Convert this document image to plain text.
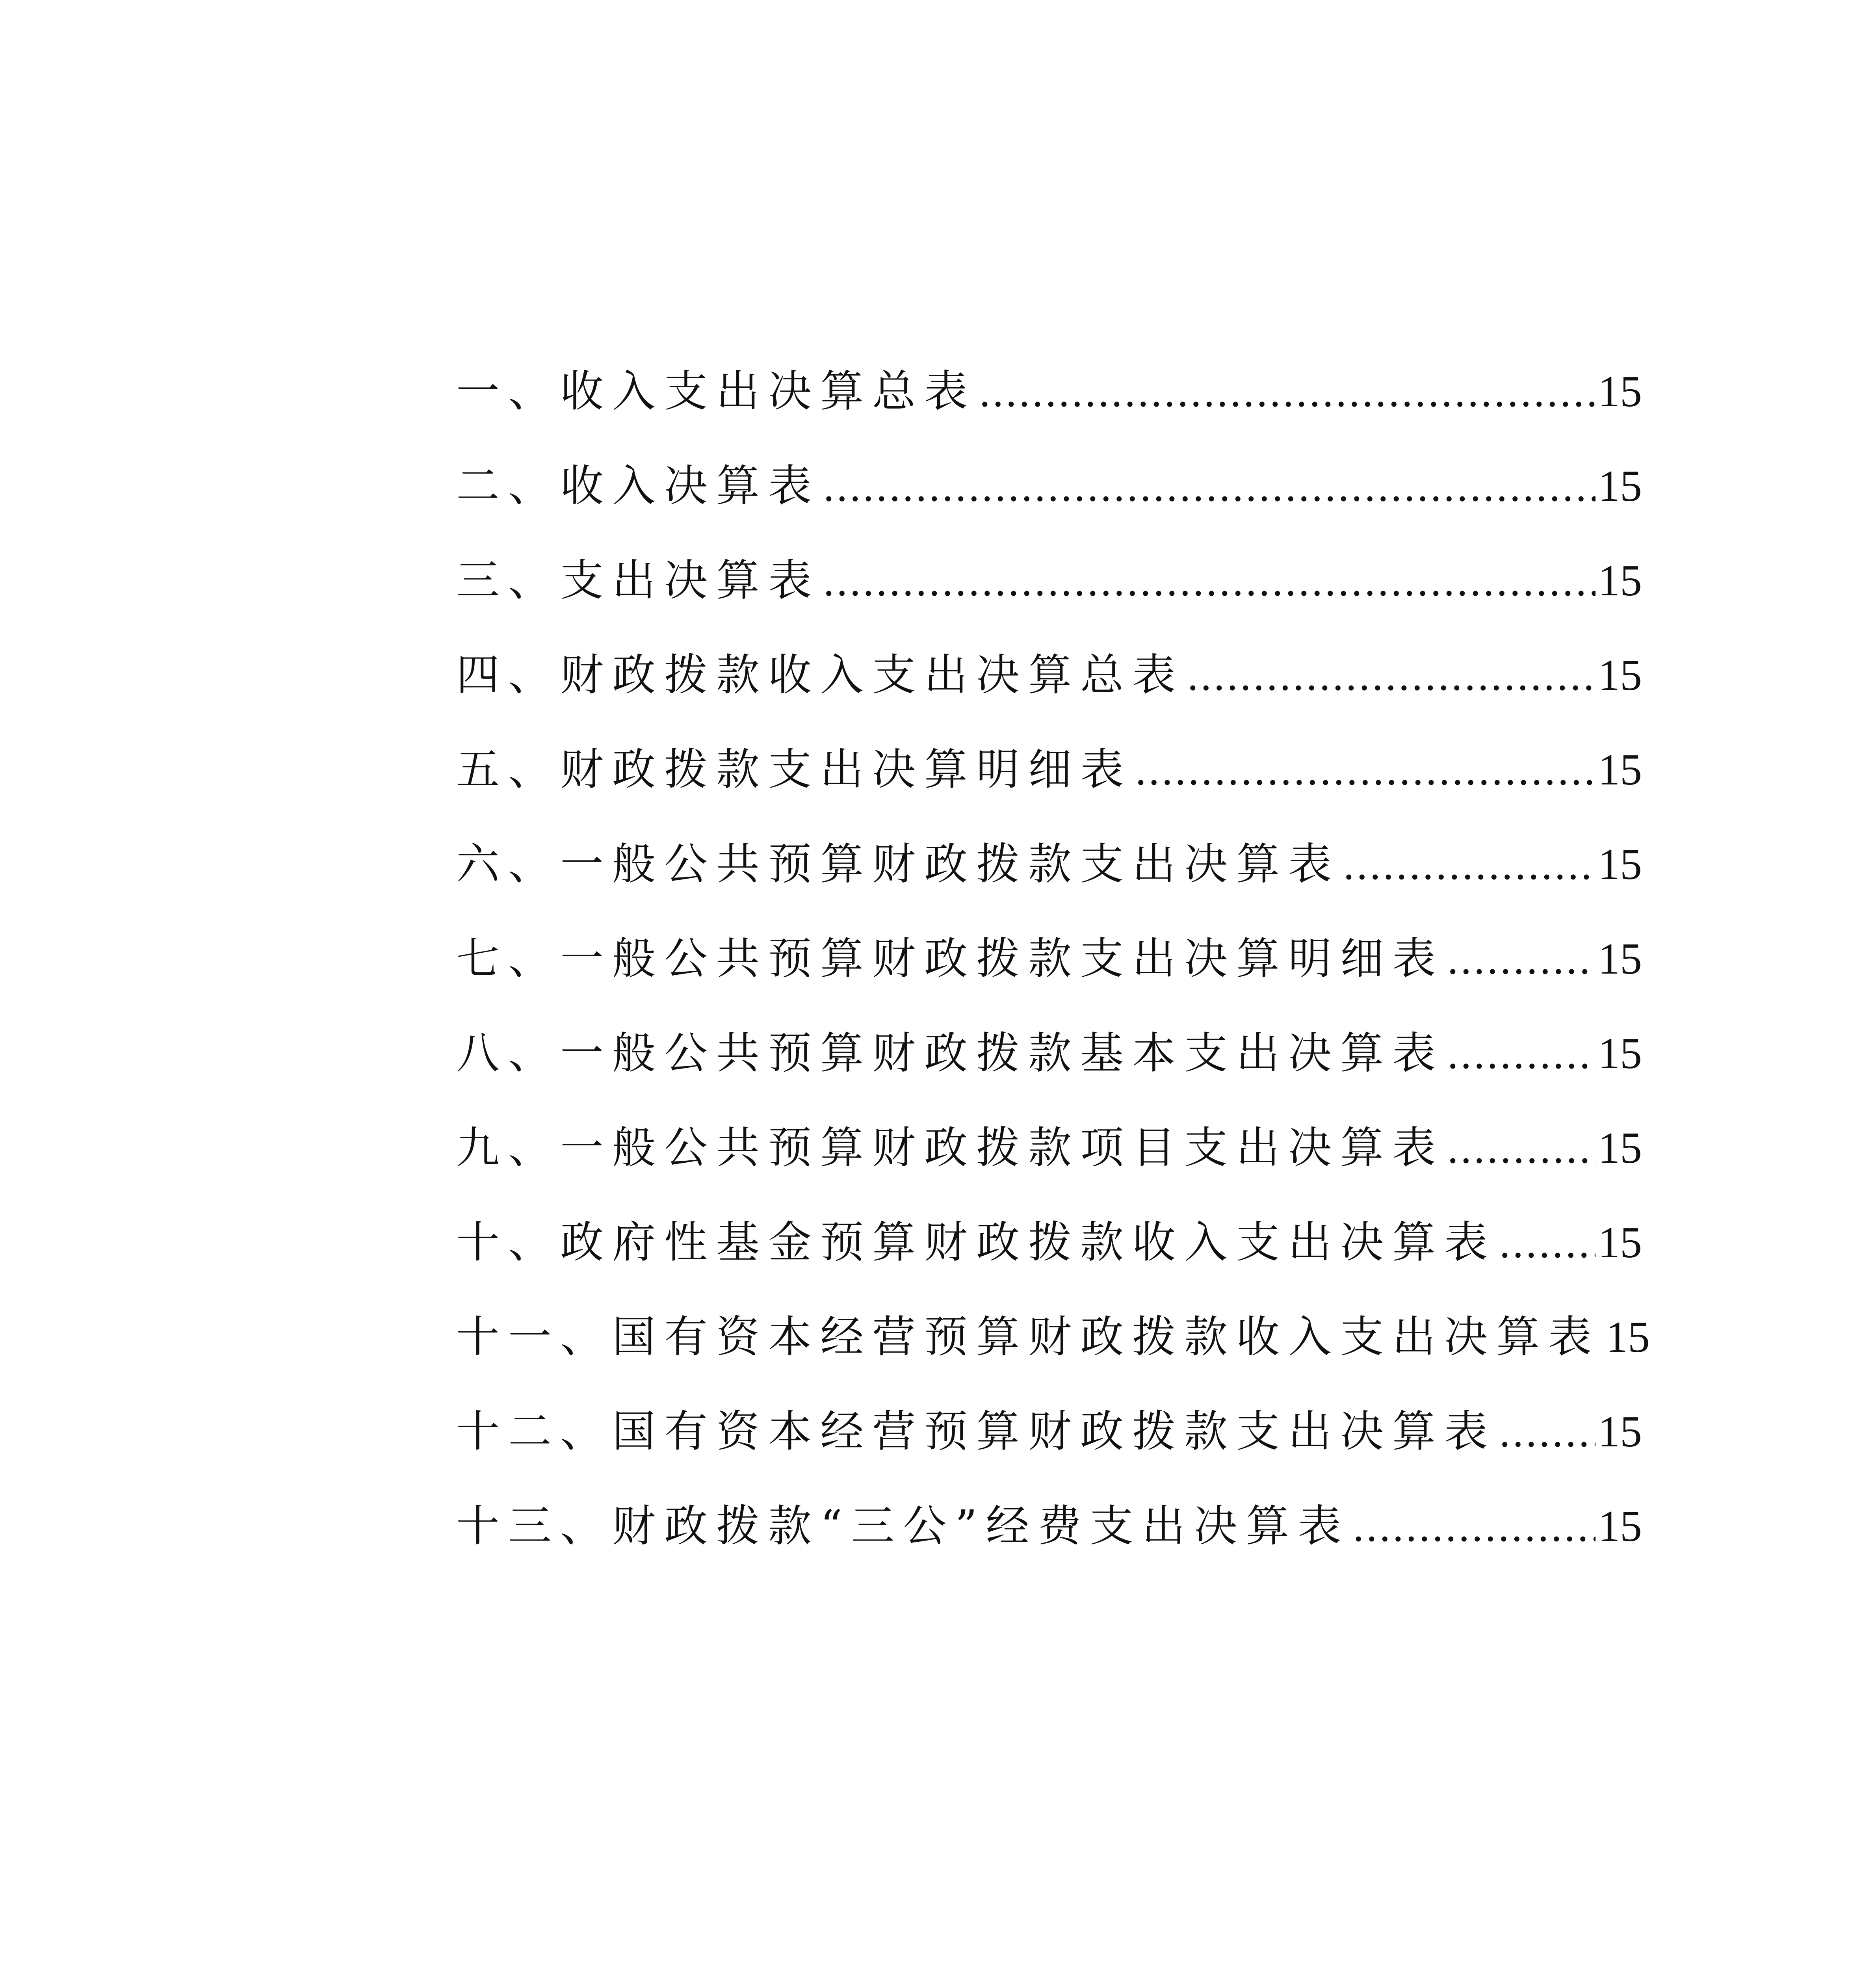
一、收入支出决算总表 .....	15
二、收入决算表 .....	15
三、支出决算表 .....	15
四、财政拨款收入支出决算总表 .....	15
五、财政拨款支出决算明细表 .....	15
六、一般公共预算财政拨款支出决算表 .....	15
七、一般公共预算财政拨款支出决算明细表 .....	15
八、一般公共预算财政拨款基本支出决算表 .....	15
九、一般公共预算财政拨款项目支出决算表 .....	15
十、政府性基金预算财政拨款收入支出决算表 ..... 15
十一、国有资本经营预算财政拨款收入支出决算表 15
十二、国有资本经营预算财政拨款支出决算表 ..... 15
十三、财政拨款“三公”经费支出决算表 .....	15
